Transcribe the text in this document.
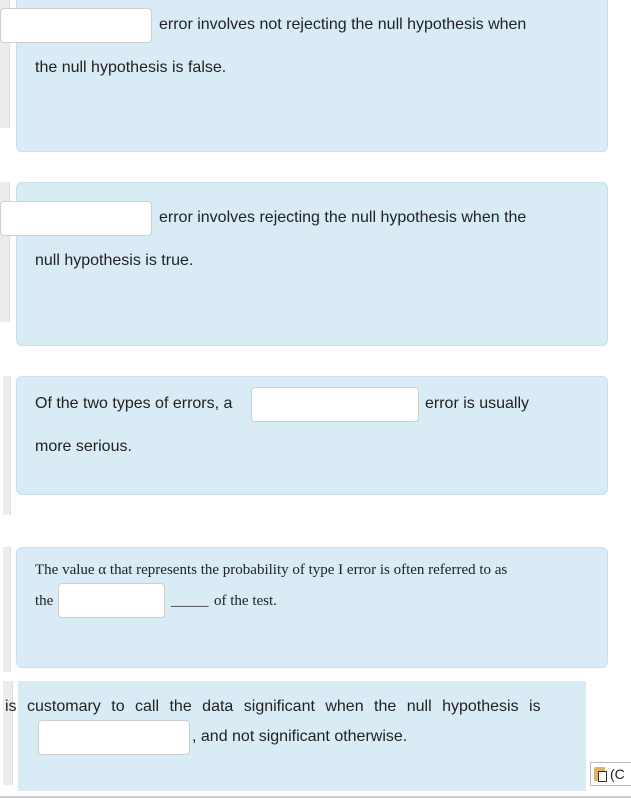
error involves not rejecting the null hypothesis when
the null hypothesis is false.
error involves rejecting the null hypothesis when the
null hypothesis is true.
Of the two types of errors, a	error is usually
more serious.
The value α that represents the probability of type I error is often referred to as
the	_____ of the test.
is customary to call the data significant when the null hypothesis is
, and not significant otherwise.
(C
